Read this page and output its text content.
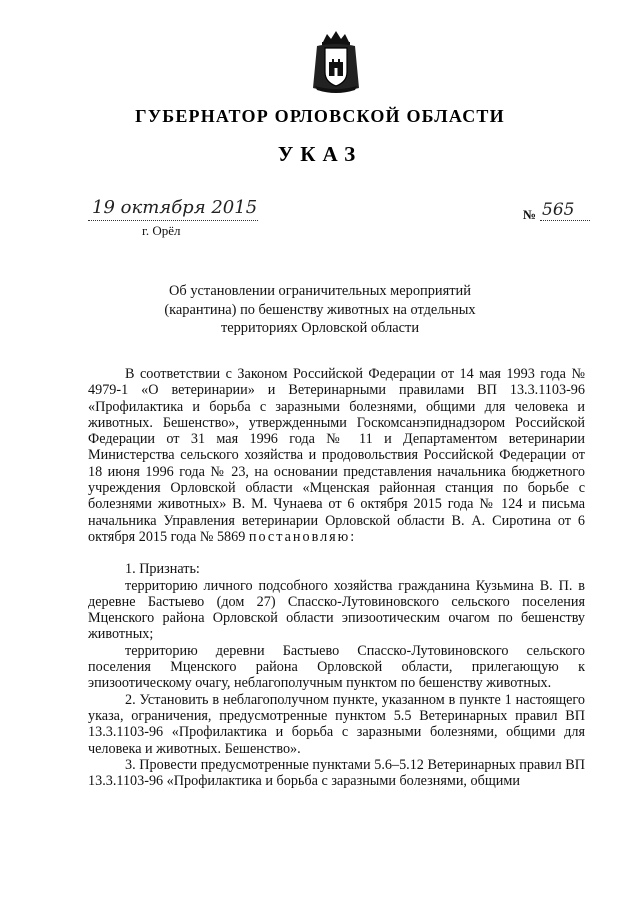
ГУБЕРНАТОР ОРЛОВСКОЙ ОБЛАСТИ
УКАЗ
19 октября 2015	№ 565
г. Орёл
Об установлении ограничительных мероприятий
(карантина) по бешенству животных на отдельных
территориях Орловской области

В соответствии с Законом Российской Федерации от 14 мая 1993 года № 4979-1 «О ветеринарии» и Ветеринарными правилами ВП 13.3.1103-96 «Профилактика и борьба с заразными болезнями, общими для человека и животных. Бешенство», утвержденными Госкомсанэпиднадзором Российской Федерации от 31 мая 1996 года № 11 и Департаментом ветеринарии Министерства сельского хозяйства и продовольствия Российской Федерации от 18 июня 1996 года № 23, на основании представления начальника бюджетного учреждения Орловской области «Мценская районная станция по борьбе с болезнями животных» В. М. Чунаева от 6 октября 2015 года № 124 и письма начальника Управления ветеринарии Орловской области В. А. Сиротина от 6 октября 2015 года № 5869 постановляю:

1. Признать:

территорию личного подсобного хозяйства гражданина Кузьмина В. П. в деревне Бастыево (дом 27) Спасско-Лутовиновского сельского поселения Мценского района Орловской области эпизоотическим очагом по бешенству животных;

территорию деревни Бастыево Спасско-Лутовиновского сельского поселения Мценского района Орловской области, прилегающую к эпизоотическому очагу, неблагополучным пунктом по бешенству животных.

2. Установить в неблагополучном пункте, указанном в пункте 1 настоящего указа, ограничения, предусмотренные пунктом 5.5 Ветеринарных правил ВП 13.3.1103-96 «Профилактика и борьба с заразными болезнями, общими для человека и животных. Бешенство».

3. Провести предусмотренные пунктами 5.6–5.12 Ветеринарных правил ВП 13.3.1103-96 «Профилактика и борьба с заразными болезнями, общими
